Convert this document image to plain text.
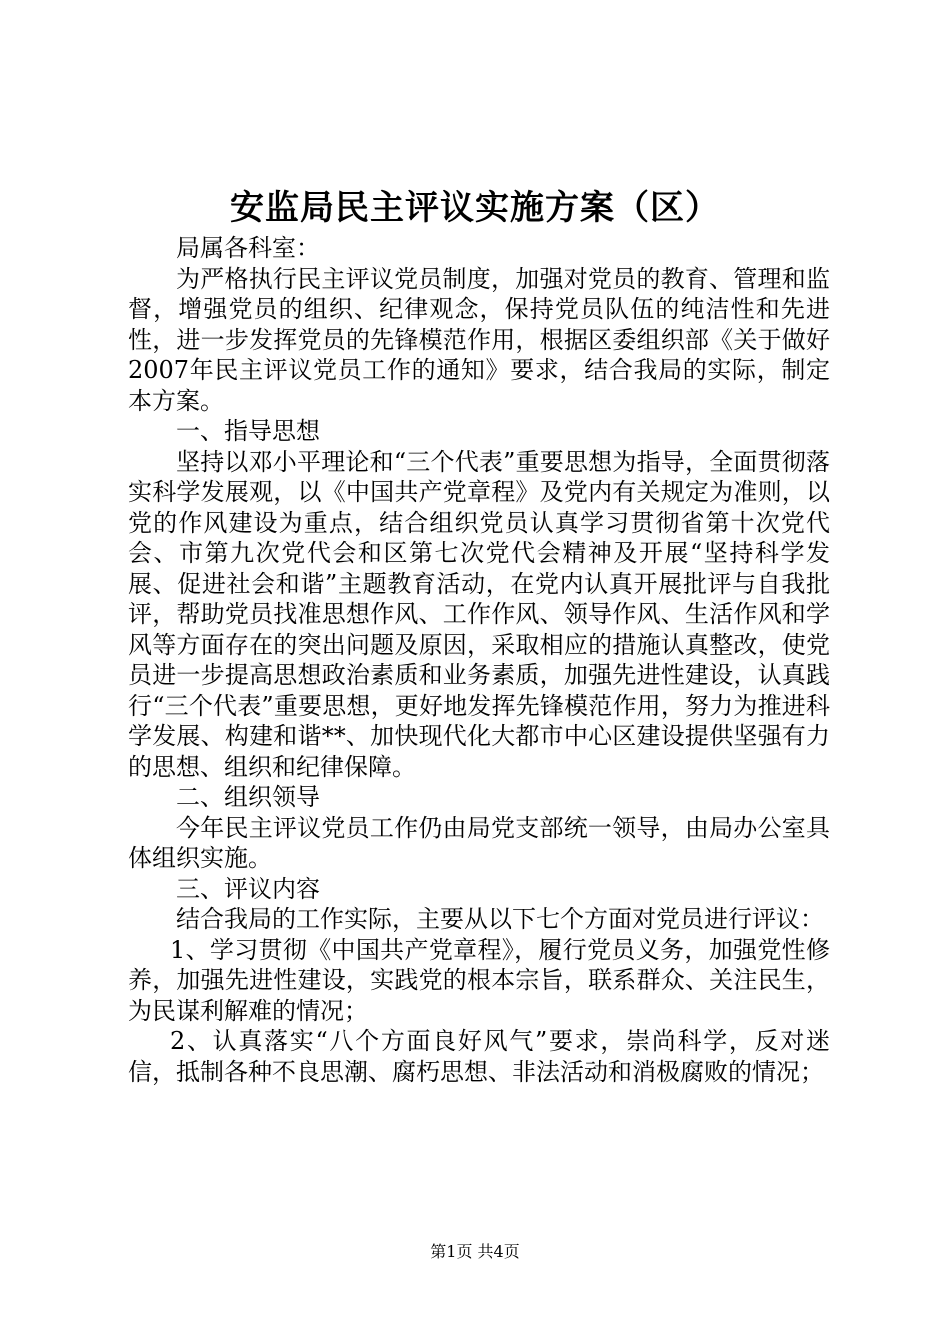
安监局民主评议实施方案（区）

局属各科室：

为严格执行民主评议党员制度，加强对党员的教育、管理和监督，增强党员的组织、纪律观念，保持党员队伍的纯洁性和先进性，进一步发挥党员的先锋模范作用，根据区委组织部《关于做好2007年民主评议党员工作的通知》要求，结合我局的实际，制定本方案。

一、指导思想

坚持以邓小平理论和“三个代表”重要思想为指导，全面贯彻落实科学发展观，以《中国共产党章程》及党内有关规定为准则，以党的作风建设为重点，结合组织党员认真学习贯彻省第十次党代会、市第九次党代会和区第七次党代会精神及开展“坚持科学发展、促进社会和谐”主题教育活动，在党内认真开展批评与自我批评，帮助党员找准思想作风、工作作风、领导作风、生活作风和学风等方面存在的突出问题及原因，采取相应的措施认真整改，使党员进一步提高思想政治素质和业务素质，加强先进性建设，认真践行“三个代表”重要思想，更好地发挥先锋模范作用，努力为推进科学发展、构建和谐**、加快现代化大都市中心区建设提供坚强有力的思想、组织和纪律保障。

二、组织领导

今年民主评议党员工作仍由局党支部统一领导，由局办公室具体组织实施。

三、评议内容

结合我局的工作实际，主要从以下七个方面对党员进行评议：

1、学习贯彻《中国共产党章程》，履行党员义务，加强党性修养，加强先进性建设，实践党的根本宗旨，联系群众、关注民生，为民谋利解难的情况；

2、认真落实“八个方面良好风气”要求，崇尚科学，反对迷信，抵制各种不良思潮、腐朽思想、非法活动和消极腐败的情况；

第1页 共4页
